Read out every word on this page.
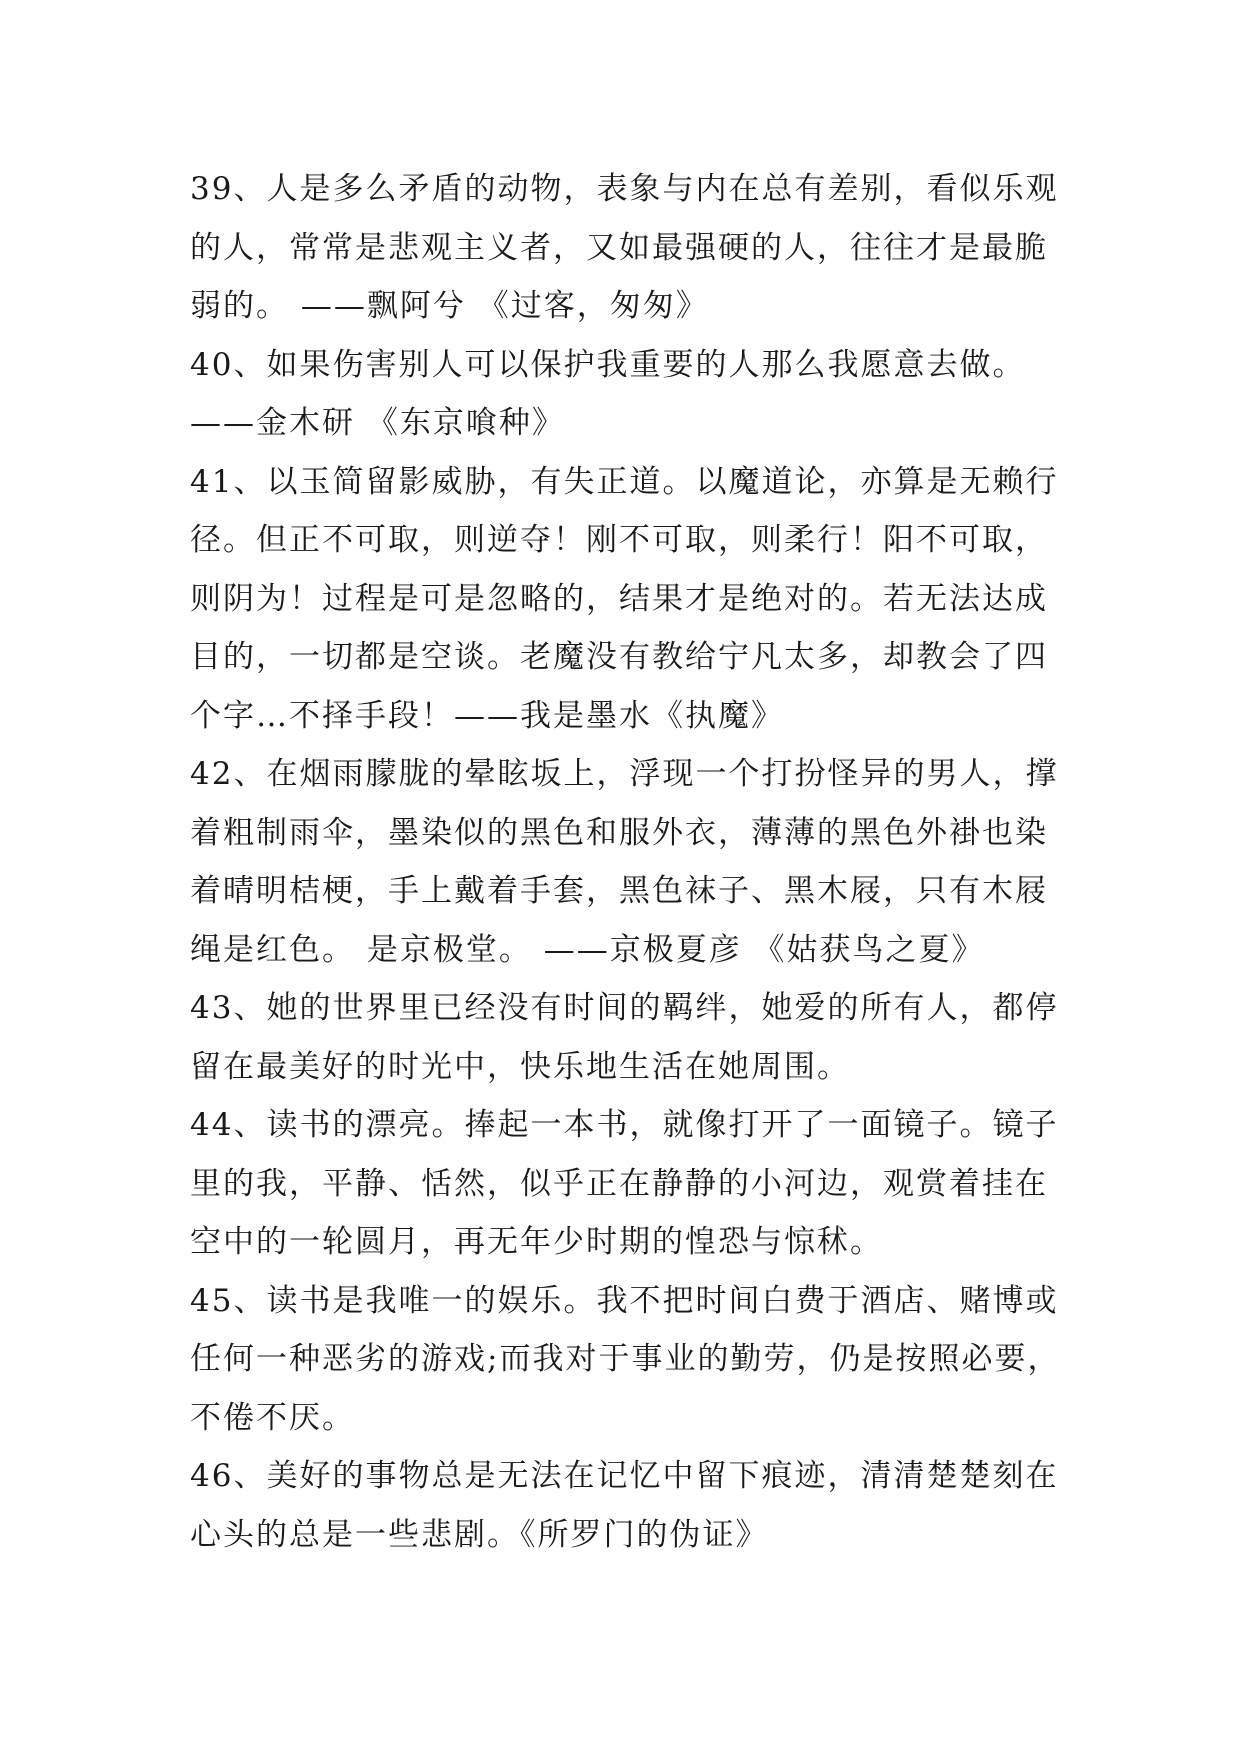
39、人是多么矛盾的动物，表象与内在总有差别，看似乐观
的人，常常是悲观主义者，又如最强硬的人，往往才是最脆
弱的。 ——飘阿兮 《过客，匆匆》
40、如果伤害别人可以保护我重要的人那么我愿意去做。
——金木研 《东京喰种》
41、以玉简留影威胁，有失正道。以魔道论，亦算是无赖行
径。但正不可取，则逆夺！刚不可取，则柔行！阳不可取，
则阴为！过程是可是忽略的，结果才是绝对的。若无法达成
目的，一切都是空谈。老魔没有教给宁凡太多，却教会了四
个字…不择手段！——我是墨水《执魔》
42、在烟雨朦胧的晕眩坂上，浮现一个打扮怪异的男人，撑
着粗制雨伞，墨染似的黑色和服外衣，薄薄的黑色外褂也染
着晴明桔梗，手上戴着手套，黑色袜子、黑木屐，只有木屐
绳是红色。 是京极堂。 ——京极夏彦 《姑获鸟之夏》
43、她的世界里已经没有时间的羁绊，她爱的所有人，都停
留在最美好的时光中，快乐地生活在她周围。
44、读书的漂亮。捧起一本书，就像打开了一面镜子。镜子
里的我，平静、恬然，似乎正在静静的小河边，观赏着挂在
空中的一轮圆月，再无年少时期的惶恐与惊秫。
45、读书是我唯一的娱乐。我不把时间白费于酒店、赌博或
任何一种恶劣的游戏;而我对于事业的勤劳，仍是按照必要，
不倦不厌。
46、美好的事物总是无法在记忆中留下痕迹，清清楚楚刻在
心头的总是一些悲剧。《所罗门的伪证》
